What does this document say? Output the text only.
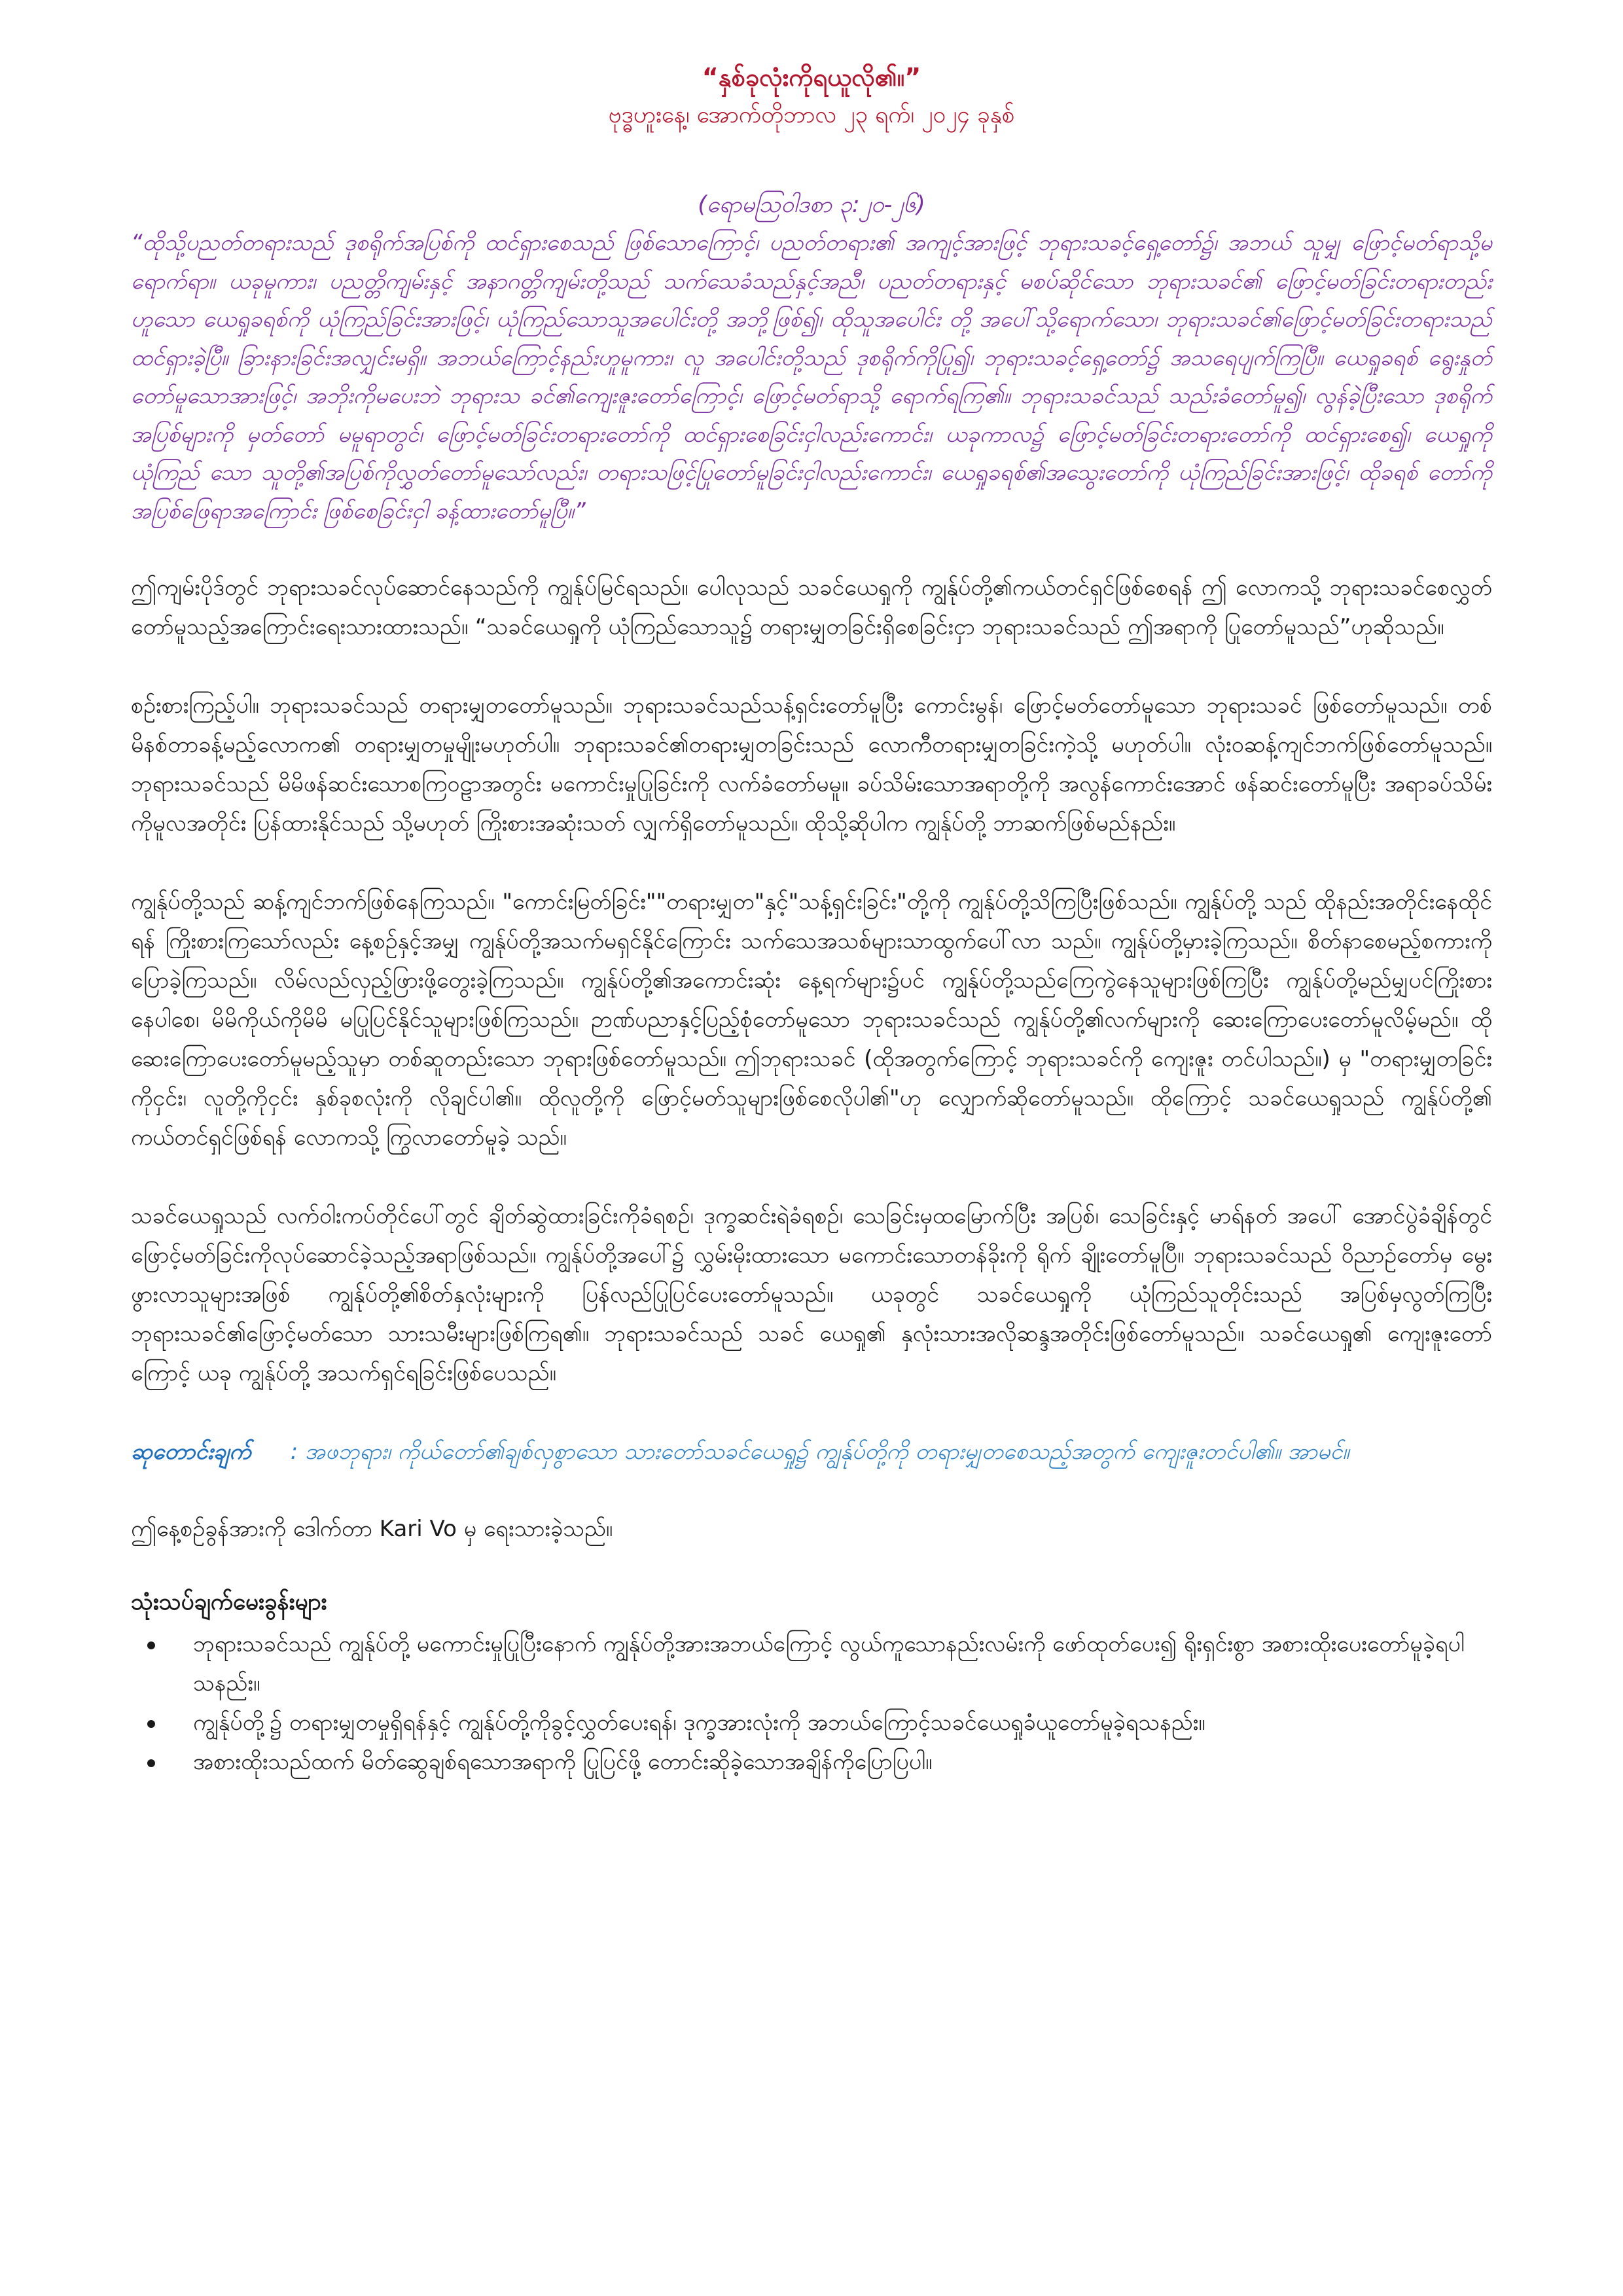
“နှစ်ခုလုံးကိုရယူလို၏။”

ဗုဒ္ဓဟူးနေ့၊ အောက်တိုဘာလ ၂၃ ရက်၊ ၂၀၂၄ ခုနှစ်

(ရောမဩဝါဒစာ ၃:၂၀-၂၆)

“ထိုသို့ပညတ်တရားသည် ဒုစရိုက်အပြစ်ကို ထင်ရှားစေသည် ဖြစ်သောကြောင့်၊ ပညတ်တရား၏ အကျင့်အားဖြင့် ဘုရားသခင့်ရှေ့တော်၌၊ အဘယ် သူမျှ ဖြောင့်မတ်ရာသို့မရောက်ရာ။ ယခုမူကား၊ ပညတ္တိကျမ်းနှင့် အနာဂတ္တိကျမ်းတို့သည် သက်သေခံသည်နှင့်အညီ၊ ပညတ်တရားနှင့် မစပ်ဆိုင်သော ဘုရားသခင်၏ ဖြောင့်မတ်ခြင်းတရားတည်းဟူသော ယေရှုခရစ်ကို ယုံကြည်ခြင်းအားဖြင့်၊ ယုံကြည်သောသူအပေါင်းတို့ အဘို့ဖြစ်၍၊ ထိုသူအပေါင်း တို့ အပေါ်သို့ရောက်သော၊ ဘုရားသခင်၏ဖြောင့်မတ်ခြင်းတရားသည် ထင်ရှားခဲ့ပြီ။ ခြားနားခြင်းအလျှင်းမရှိ။ အဘယ်ကြောင့်နည်းဟူမူကား၊ လူ အပေါင်းတို့သည် ဒုစရိုက်ကိုပြု၍၊ ဘုရားသခင့်ရှေ့တော်၌ အသရေပျက်ကြပြီ။ ယေရှုခရစ် ရွေးနှုတ်တော်မူသောအားဖြင့်၊ အဘိုးကိုမပေးဘဲ ဘုရားသ ခင်၏ကျေးဇူးတော်ကြောင့်၊ ဖြောင့်မတ်ရာသို့ ရောက်ရကြ၏။ ဘုရားသခင်သည် သည်းခံတော်မူ၍၊ လွန်ခဲ့ပြီးသော ဒုစရိုက်အပြစ်များကို မှတ်တော် မမူရာတွင်၊ ဖြောင့်မတ်ခြင်းတရားတော်ကို ထင်ရှားစေခြင်းငှါလည်းကောင်း၊ ယခုကာလ၌ ဖြောင့်မတ်ခြင်းတရားတော်ကို ထင်ရှားစေ၍၊ ယေရှုကို ယုံကြည် သော သူတို့၏အပြစ်ကိုလွှတ်တော်မူသော်လည်း၊ တရားသဖြင့်ပြုတော်မူခြင်းငှါလည်းကောင်း၊ ယေရှုခရစ်၏အသွေးတော်ကို ယုံကြည်ခြင်းအားဖြင့်၊ ထိုခရစ် တော်ကို အပြစ်ဖြေရာအကြောင်း ဖြစ်စေခြင်းငှါ ခန့်ထားတော်မူပြီ။”

ဤကျမ်းပိုဒ်တွင် ဘုရားသခင်လုပ်ဆောင်နေသည်ကို ကျွန်ုပ်မြင်ရသည်။ ပေါလုသည် သခင်ယေရှုကို ကျွန်ုပ်တို့၏ကယ်တင်ရှင်ဖြစ်စေရန် ဤ လောကသို့ ဘုရားသခင်စေလွှတ်တော်မူသည့်အကြောင်းရေးသားထားသည်။ “သခင်ယေရှုကို ယုံကြည်သောသူ၌ တရားမျှတခြင်းရှိစေခြင်းငှာ ဘုရားသခင်သည် ဤအရာကို ပြုတော်မူသည်”ဟုဆိုသည်။

စဉ်းစားကြည့်ပါ။ ဘုရားသခင်သည် တရားမျှတတော်မူသည်။ ဘုရားသခင်သည်သန့်ရှင်းတော်မူပြီး ကောင်းမွန်၊ ဖြောင့်မတ်တော်မူသော ဘုရားသခင် ဖြစ်တော်မူသည်။ တစ်မိနစ်တာခန့်မည့်လောက၏ တရားမျှတမှုမျိုးမဟုတ်ပါ။ ဘုရားသခင်၏တရားမျှတခြင်းသည် လောကီတရားမျှတခြင်းကဲ့သို့ မဟုတ်ပါ။ လုံးဝဆန့်ကျင်ဘက်ဖြစ်တော်မူသည်။ ဘုရားသခင်သည် မိမိဖန်ဆင်းသောစကြဝဠာအတွင်း မကောင်းမှုပြုခြင်းကို လက်ခံတော်မမူ။ ခပ်သိမ်းသောအရာတို့ကို အလွန်ကောင်းအောင် ဖန်ဆင်းတော်မူပြီး အရာခပ်သိမ်းကိုမူလအတိုင်း ပြန်ထားနိုင်သည် သို့မဟုတ် ကြိုးစားအဆုံးသတ် လျှက်ရှိတော်မူသည်။ ထိုသို့ဆိုပါက ကျွန်ုပ်တို့ ဘာဆက်ဖြစ်မည်နည်း။

ကျွန်ုပ်တို့သည် ဆန့်ကျင်ဘက်ဖြစ်နေကြသည်။ "ကောင်းမြတ်ခြင်း""တရားမျှတ"နှင့်"သန့်ရှင်းခြင်း"တို့ကို ကျွန်ုပ်တို့သိကြပြီးဖြစ်သည်။ ကျွန်ုပ်တို့ သည် ထိုနည်းအတိုင်းနေထိုင်ရန် ကြိုးစားကြသော်လည်း နေ့စဉ်နှင့်အမျှ ကျွန်ုပ်တို့အသက်မရှင်နိုင်ကြောင်း သက်သေအသစ်များသာထွက်ပေါ်လာ သည်။ ကျွန်ုပ်တို့မှားခဲ့ကြသည်။ စိတ်နာစေမည့်စကားကို ပြောခဲ့ကြသည်။ လိမ်လည်လှည့်ဖြားဖို့တွေးခဲ့ကြသည်။ ကျွန်ုပ်တို့၏အကောင်းဆုံး နေ့ရက်များ၌ပင် ကျွန်ုပ်တို့သည်ကြေကွဲနေသူများဖြစ်ကြပြီး ကျွန်ုပ်တို့မည်မျှပင်ကြိုးစားနေပါစေ၊ မိမိကိုယ်ကိုမိမိ မပြုပြင်နိုင်သူများဖြစ်ကြသည်။ ဉာဏ်ပညာနှင့်ပြည့်စုံတော်မူသော ဘုရားသခင်သည် ကျွန်ုပ်တို့၏လက်များကို ဆေးကြောပေးတော်မူလိမ့်မည်။ ထိုဆေးကြောပေးတော်မူမည့်သူမှာ တစ်ဆူတည်းသော ဘုရားဖြစ်တော်မူသည်။ ဤဘုရားသခင် (ထိုအတွက်ကြောင့် ဘုရားသခင်ကို ကျေးဇူး တင်ပါသည်။) မှ "တရားမျှတခြင်းကိုငှင်း၊ လူတို့ကိုငှင်း နှစ်ခုစလုံးကို လိုချင်ပါ၏။ ထိုလူတို့ကို ဖြောင့်မတ်သူများဖြစ်စေလိုပါ၏"ဟု လျှောက်ဆိုတော်မူသည်။ ထိုကြောင့် သခင်ယေရှုသည် ကျွန်ုပ်တို့၏ ကယ်တင်ရှင်ဖြစ်ရန် လောကသို့ ကြွလာတော်မူခဲ့ သည်။

သခင်ယေရှုသည် လက်ဝါးကပ်တိုင်ပေါ်တွင် ချိတ်ဆွဲထားခြင်းကိုခံရစဉ်၊ ဒုက္ခဆင်းရဲခံရစဉ်၊ သေခြင်းမှထမြောက်ပြီး အပြစ်၊ သေခြင်းနှင့် မာရ်နတ် အပေါ် အောင်ပွဲခံချိန်တွင် ဖြောင့်မတ်ခြင်းကိုလုပ်ဆောင်ခဲ့သည့်အရာဖြစ်သည်။ ကျွန်ုပ်တို့အပေါ်၌ လွှမ်းမိုးထားသော မကောင်းသောတန်ခိုးကို ရိုက် ချိုးတော်မူပြီ။ ဘုရားသခင်သည် ဝိညာဉ်တော်မှ မွေးဖွားလာသူများအဖြစ် ကျွန်ုပ်တို့၏စိတ်နှလုံးများကို ပြန်လည်ပြုပြင်ပေးတော်မူသည်။ ယခုတွင် သခင်ယေရှုကို ယုံကြည်သူတိုင်းသည် အပြစ်မှလွတ်ကြပြီး ဘုရားသခင်၏ဖြောင့်မတ်သော သားသမီးများဖြစ်ကြရ၏။ ဘုရားသခင်သည် သခင် ယေရှု၏ နှလုံးသားအလိုဆန္ဒအတိုင်းဖြစ်တော်မူသည်။ သခင်ယေရှု၏ ကျေးဇူးတော်ကြောင့် ယခု ကျွန်ုပ်တို့ အသက်ရှင်ရခြင်းဖြစ်ပေသည်။

ဆုတောင်းချက် : အဖဘုရား၊ ကိုယ်တော်၏ချစ်လှစွာသော သားတော်သခင်ယေရှု၌ ကျွန်ုပ်တို့ကို တရားမျှတစေသည့်အတွက် ကျေးဇူးတင်ပါ၏။ အာမင်။

ဤနေ့စဉ်ခွန်အားကို ဒေါက်တာ Kari Vo မှ ရေးသားခဲ့သည်။

သုံးသပ်ချက်မေးခွန်းများ

ဘုရားသခင်သည် ကျွန်ုပ်တို့ မကောင်းမှုပြုပြီးနောက် ကျွန်ုပ်တို့အားအဘယ်ကြောင့် လွယ်ကူသောနည်းလမ်းကို ဖော်ထုတ်ပေး၍ ရိုးရှင်းစွာ အစားထိုးပေးတော်မူခဲ့ရပါသနည်း။
ကျွန်ုပ်တို့၌ တရားမျှတမှုရှိရန်နှင့် ကျွန်ုပ်တို့ကိုခွင့်လွှတ်ပေးရန်၊ ဒုက္ခအားလုံးကို အဘယ်ကြောင့်သခင်ယေရှုခံယူတော်မူခဲ့ရသနည်း။
အစားထိုးသည်ထက် မိတ်ဆွေချစ်ရသောအရာကို ပြုပြင်ဖို့ တောင်းဆိုခဲ့သောအချိန်ကိုပြောပြပါ။
